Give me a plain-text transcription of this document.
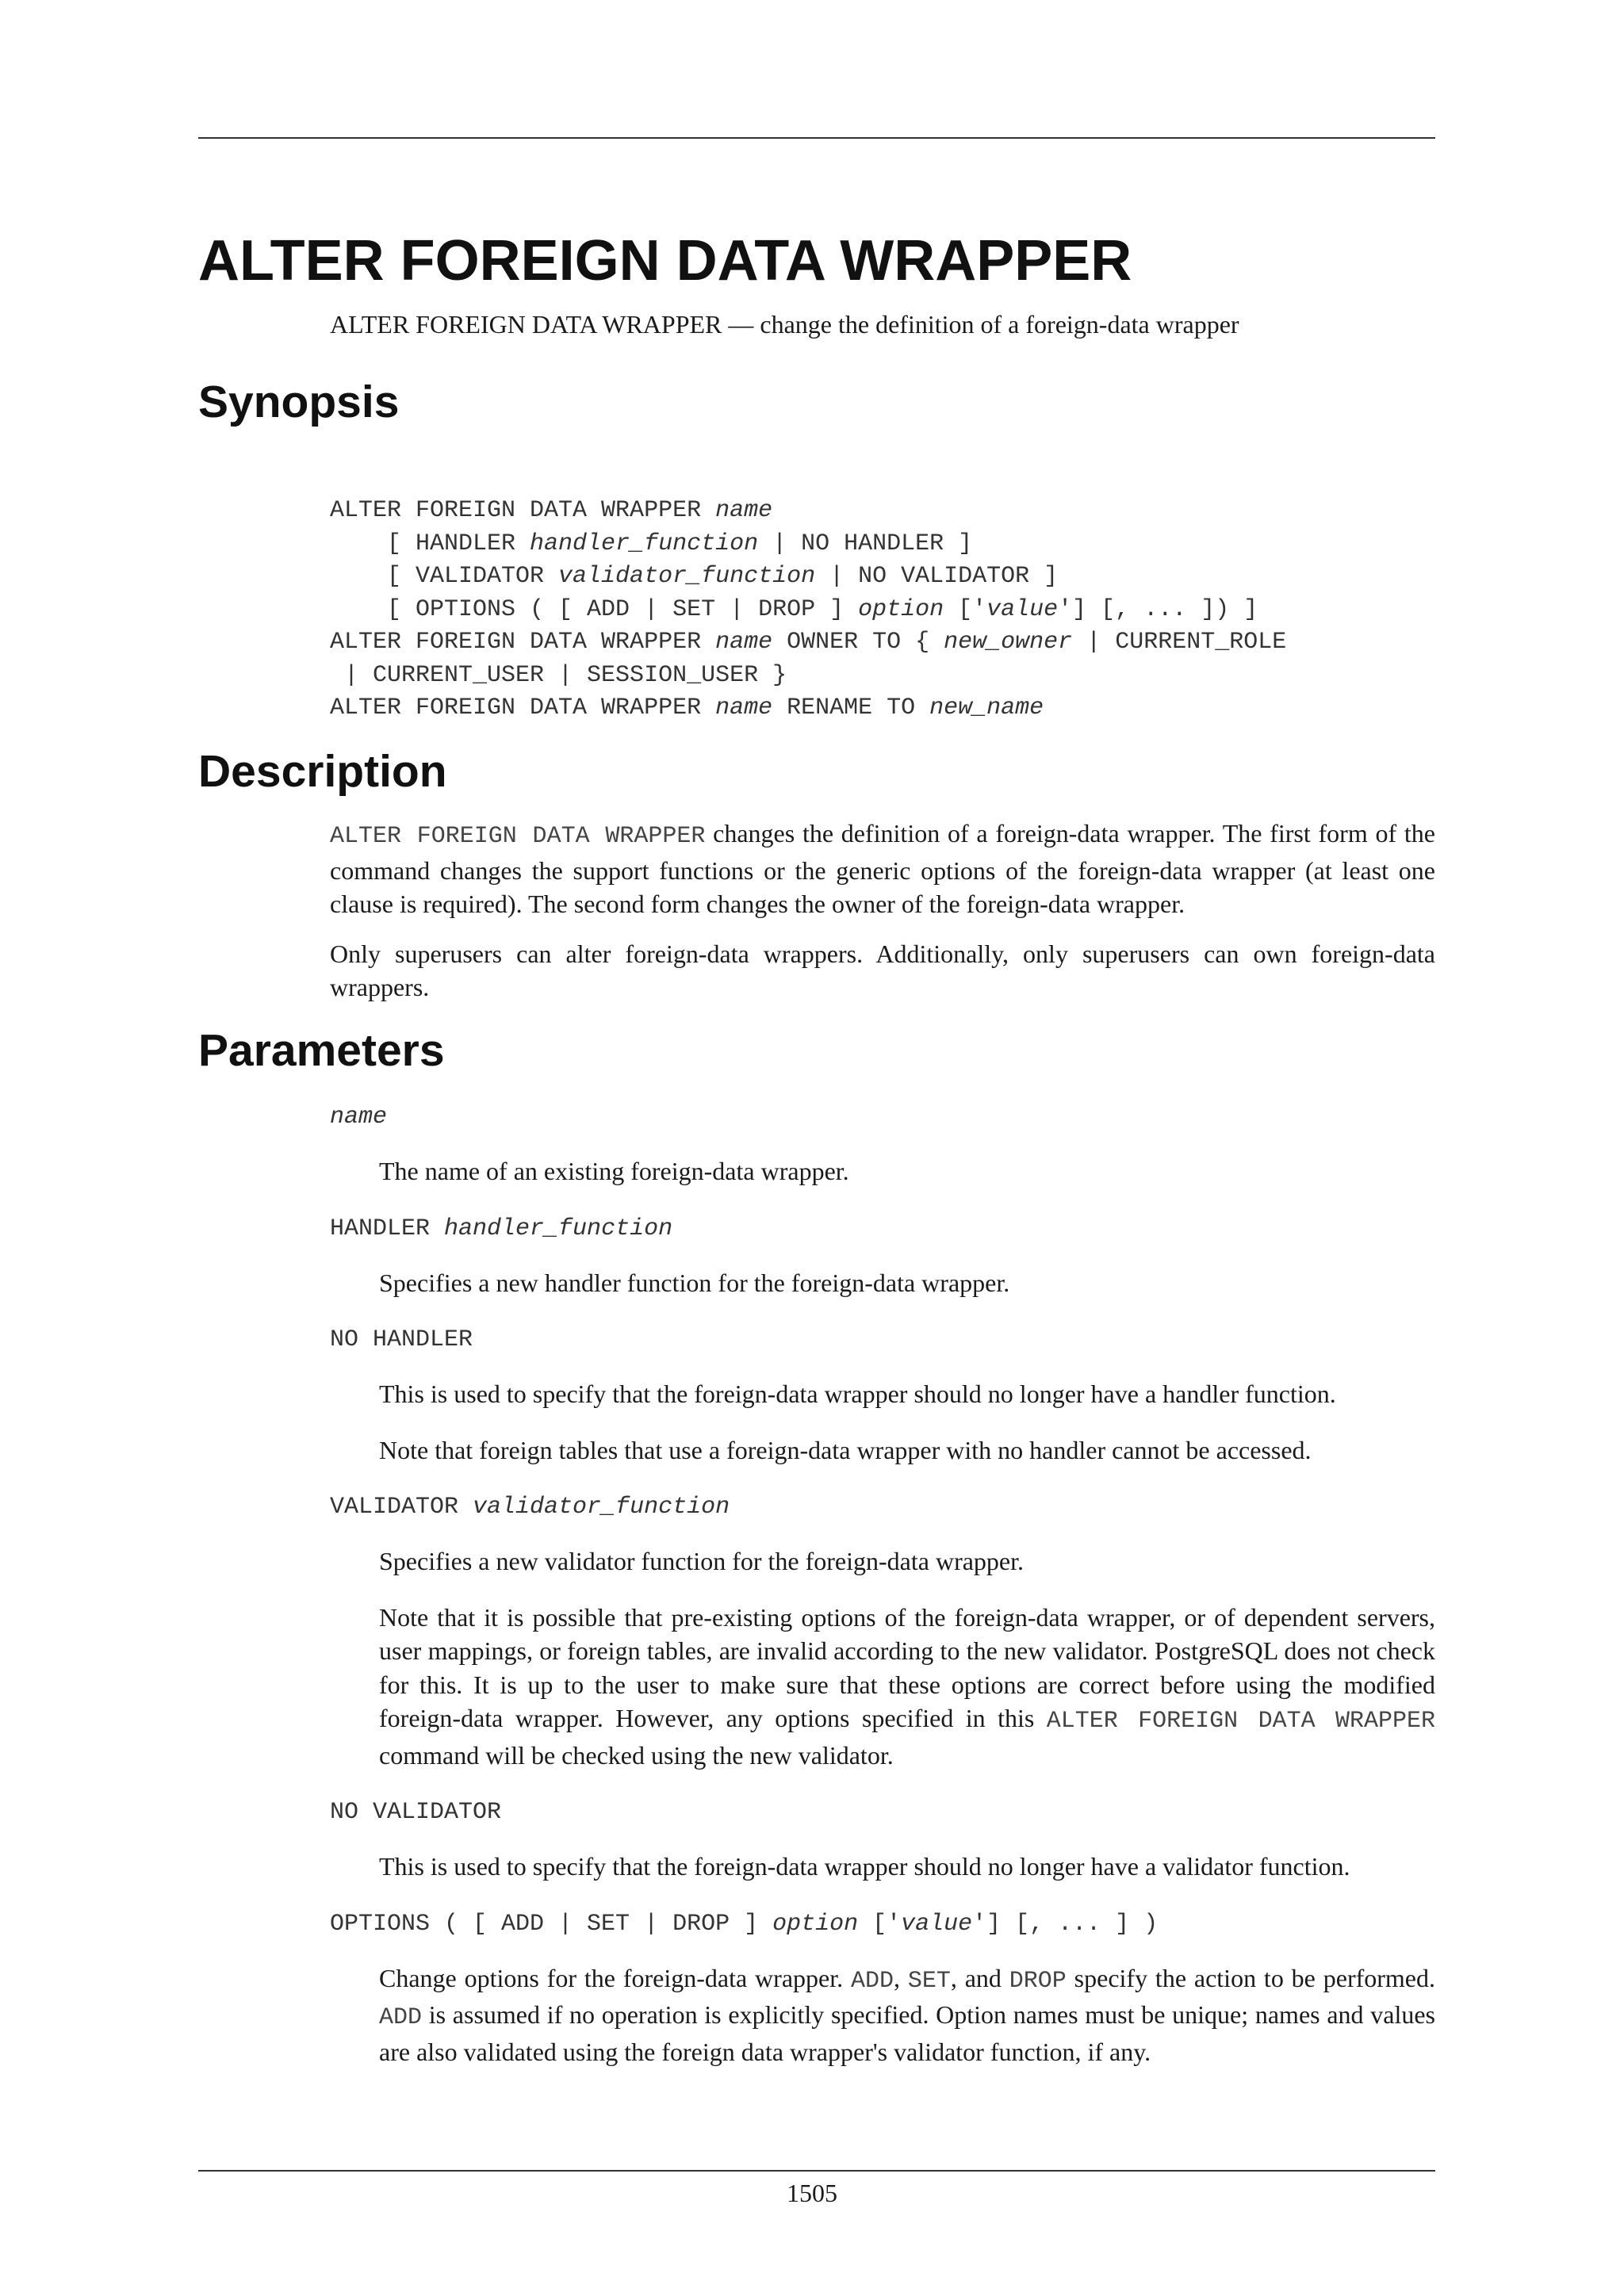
ALTER FOREIGN DATA WRAPPER
ALTER FOREIGN DATA WRAPPER — change the definition of a foreign-data wrapper
Synopsis
ALTER FOREIGN DATA WRAPPER name
[ HANDLER handler_function | NO HANDLER ]
[ VALIDATOR validator_function | NO VALIDATOR ]
[ OPTIONS ( [ ADD | SET | DROP ] option ['value'] [, ... ]) ]
ALTER FOREIGN DATA WRAPPER name OWNER TO { new_owner | CURRENT_ROLE
| CURRENT_USER | SESSION_USER }
ALTER FOREIGN DATA WRAPPER name RENAME TO new_name
Description

ALTER FOREIGN DATA WRAPPER changes the definition of a foreign-data wrapper. The first form of the command changes the support functions or the generic options of the foreign-data wrapper (at least one clause is required). The second form changes the owner of the foreign-data wrapper.

Only superusers can alter foreign-data wrappers. Additionally, only superusers can own foreign-data wrappers.

Parameters
name

The name of an existing foreign-data wrapper.

HANDLER handler_function

Specifies a new handler function for the foreign-data wrapper.

NO HANDLER

This is used to specify that the foreign-data wrapper should no longer have a handler function.

Note that foreign tables that use a foreign-data wrapper with no handler cannot be accessed.

VALIDATOR validator_function

Specifies a new validator function for the foreign-data wrapper.

Note that it is possible that pre-existing options of the foreign-data wrapper, or of dependent servers, user mappings, or foreign tables, are invalid according to the new validator. PostgreSQL does not check for this. It is up to the user to make sure that these options are correct before using the modified foreign-data wrapper. However, any options specified in this ALTER FOREIGN DATA WRAPPER command will be checked using the new validator.

NO VALIDATOR

This is used to specify that the foreign-data wrapper should no longer have a validator function.

OPTIONS ( [ ADD | SET | DROP ] option ['value'] [, ... ] )

Change options for the foreign-data wrapper. ADD, SET, and DROP specify the action to be performed. ADD is assumed if no operation is explicitly specified. Option names must be unique; names and values are also validated using the foreign data wrapper's validator function, if any.

1505
